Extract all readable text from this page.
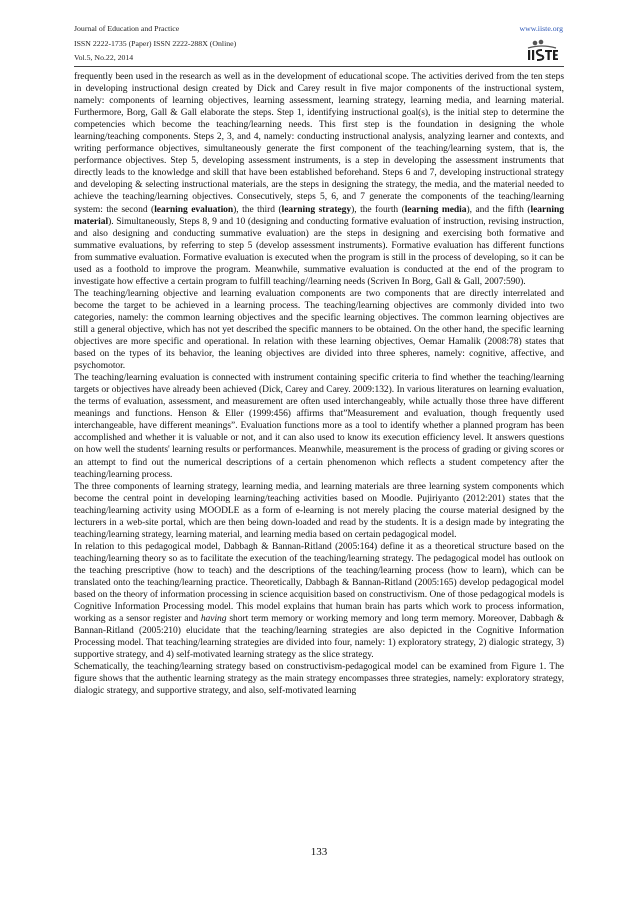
Journal of Education and Practice
ISSN 2222-1735 (Paper) ISSN 2222-288X (Online)
Vol.5, No.22, 2014
www.iiste.org

frequently been used in the research as well as in the development of educational scope. The activities derived from the ten steps in developing instructional design created by Dick and Carey result in five major components of the instructional system, namely: components of learning objectives, learning assessment, learning strategy, learning media, and learning material. Furthermore, Borg, Gall & Gall elaborate the steps. Step 1, identifying instructional goal(s), is the initial step to determine the competencies which become the teaching/learning needs. This first step is the foundation in designing the whole learning/teaching components. Steps 2, 3, and 4, namely: conducting instructional analysis, analyzing learner and contexts, and writing performance objectives, simultaneously generate the first component of the teaching/learning system, that is, the performance objectives. Step 5, developing assessment instruments, is a step in developing the assessment instruments that directly leads to the knowledge and skill that have been established beforehand. Steps 6 and 7, developing instructional strategy and developing & selecting instructional materials, are the steps in designing the strategy, the media, and the material needed to achieve the teaching/learning objectives. Consecutively, steps 5, 6, and 7 generate the components of the teaching/learning system: the second (learning evaluation), the third (learning strategy), the fourth (learning media), and the fifth (learning material). Simultaneously, Steps 8, 9 and 10 (designing and conducting formative evaluation of instruction, revising instruction, and also designing and conducting summative evaluation) are the steps in designing and exercising both formative and summative evaluations, by referring to step 5 (develop assessment instruments). Formative evaluation has different functions from summative evaluation. Formative evaluation is executed when the program is still in the process of developing, so it can be used as a foothold to improve the program. Meanwhile, summative evaluation is conducted at the end of the program to investigate how effective a certain program to fulfill teaching//learning needs (Scriven In Borg, Gall & Gall, 2007:590).

The teaching/learning objective and learning evaluation components are two components that are directly interrelated and become the target to be achieved in a learning process. The teaching/learning objectives are commonly divided into two categories, namely: the common learning objectives and the specific learning objectives. The common learning objectives are still a general objective, which has not yet described the specific manners to be obtained. On the other hand, the specific learning objectives are more specific and operational. In relation with these learning objectives, Oemar Hamalik (2008:78) states that based on the types of its behavior, the leaning objectives are divided into three spheres, namely: cognitive, affective, and psychomotor.

The teaching/learning evaluation is connected with instrument containing specific criteria to find whether the teaching/learning targets or objectives have already been achieved (Dick, Carey and Carey. 2009:132). In various literatures on learning evaluation, the terms of evaluation, assessment, and measurement are often used interchangeably, while actually those three have different meanings and functions. Henson & Eller (1999:456) affirms that”Measurement and evaluation, though frequently used interchangeable, have different meanings”. Evaluation functions more as a tool to identify whether a planned program has been accomplished and whether it is valuable or not, and it can also used to know its execution efficiency level. It answers questions on how well the students' learning results or performances. Meanwhile, measurement is the process of grading or giving scores or an attempt to find out the numerical descriptions of a certain phenomenon which reflects a student competency after the teaching/learning process.

The three components of learning strategy, learning media, and learning materials are three learning system components which become the central point in developing learning/teaching activities based on Moodle. Pujiriyanto (2012:201) states that the teaching/learning activity using MOODLE as a form of e-learning is not merely placing the course material designed by the lecturers in a web-site portal, which are then being down-loaded and read by the students. It is a design made by integrating the teaching/learning strategy, learning material, and learning media based on certain pedagogical model.

In relation to this pedagogical model, Dabbagh & Bannan-Ritland (2005:164) define it as a theoretical structure based on the teaching/learning theory so as to facilitate the execution of the teaching/learning strategy. The pedagogical model has outlook on the teaching prescriptive (how to teach) and the descriptions of the teaching/learning process (how to learn), which can be translated onto the teaching/learning practice. Theoretically, Dabbagh & Bannan-Ritland (2005:165) develop pedagogical model based on the theory of information processing in science acquisition based on constructivism. One of those pedagogical models is Cognitive Information Processing model. This model explains that human brain has parts which work to process information, working as a sensor register and having short term memory or working memory and long term memory. Moreover, Dabbagh & Bannan-Ritland (2005:210) elucidate that the teaching/learning strategies are also depicted in the Cognitive Information Processing model. That teaching/learning strategies are divided into four, namely: 1) exploratory strategy, 2) dialogic strategy, 3) supportive strategy, and 4) self-motivated learning strategy as the slice strategy.

Schematically, the teaching/learning strategy based on constructivism-pedagogical model can be examined from Figure 1. The figure shows that the authentic learning strategy as the main strategy encompasses three strategies, namely: exploratory strategy, dialogic strategy, and supportive strategy, and also, self-motivated learning

133
